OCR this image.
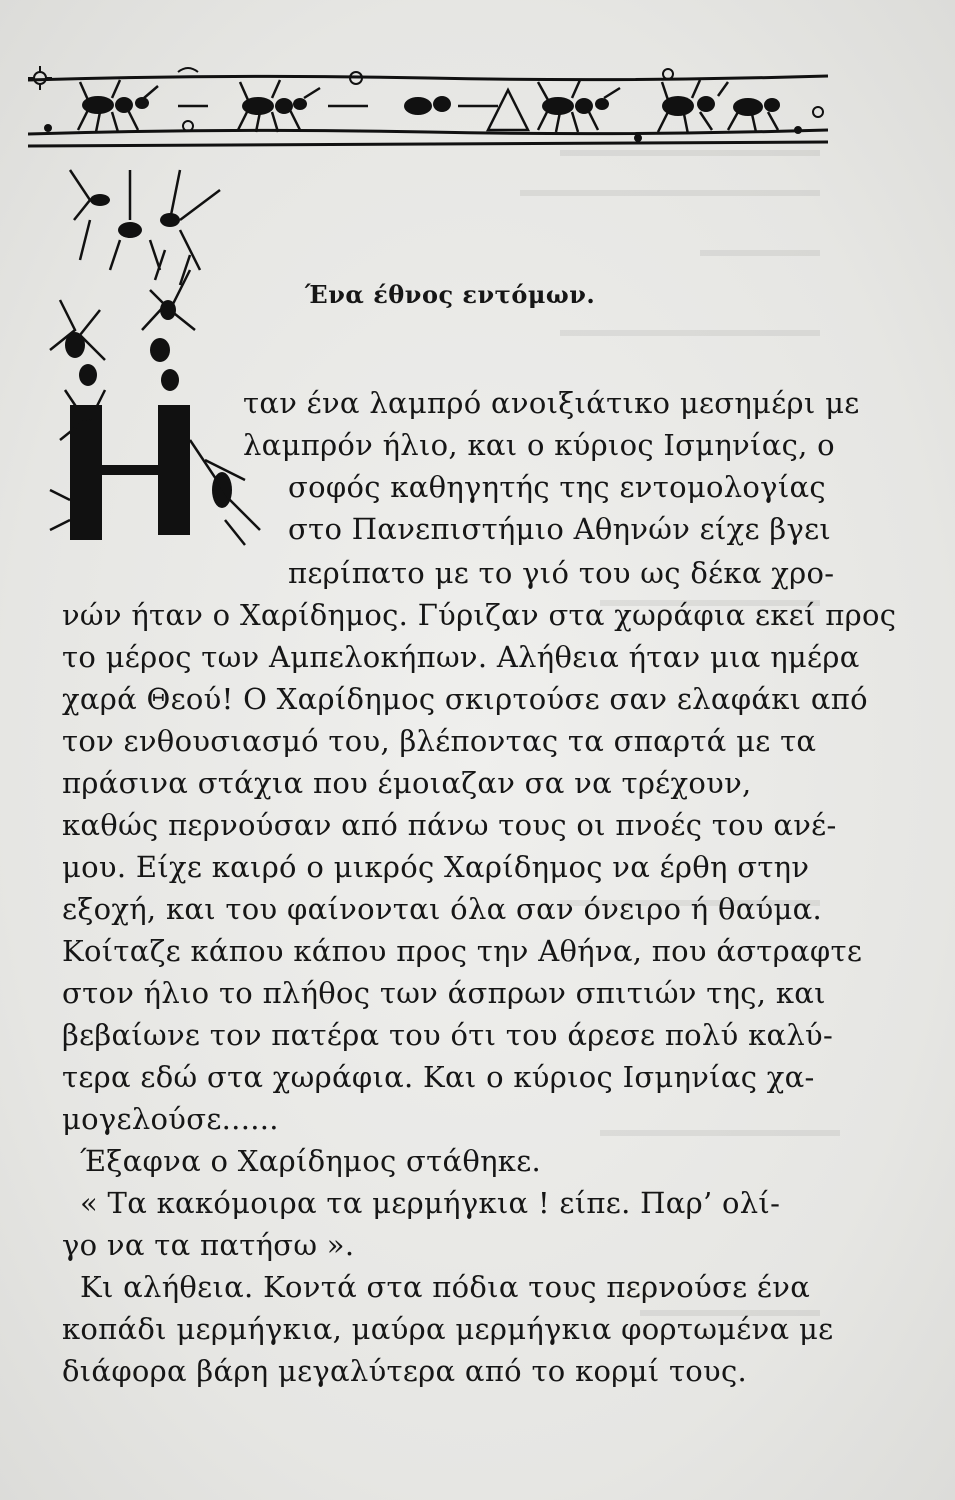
Ένα έθνος εντόμων.
ταν ένα λαμπρό ανοιξιάτικο μεσημέρι με
λαμπρόν ήλιο, και ο κύριος Ισμηνίας, ο
σοφός καθηγητής της εντομολογίας
στο Πανεπιστήμιο Αθηνών είχε βγει
περίπατο με το γιό του ως δέκα χρο-
νών ήταν ο Χαρίδημος. Γύριζαν στα χωράφια εκεί προς
το μέρος των Αμπελοκήπων. Αλήθεια ήταν μια ημέρα
χαρά Θεού! Ο Χαρίδημος σκιρτούσε σαν ελαφάκι από
τον ενθουσιασμό του, βλέποντας τα σπαρτά με τα
πράσινα στάχια που έμοιαζαν σα να τρέχουν,
καθώς περνούσαν από πάνω τους οι πνοές του ανέ-
μου. Είχε καιρό ο μικρός Χαρίδημος να έρθη στην
εξοχή, και του φαίνονται όλα σαν όνειρο ή θαύμα.
Κοίταζε κάπου κάπου προς την Αθήνα, που άστραφτε
στον ήλιο το πλήθος των άσπρων σπιτιών της, και
βεβαίωνε τον πατέρα του ότι του άρεσε πολύ καλύ-
τερα εδώ στα χωράφια. Και ο κύριος Ισμηνίας χα-
μογελούσε......
Έξαφνα ο Χαρίδημος στάθηκε.
« Τα κακόμοιρα τα μερμήγκια ! είπε. Παρ’ ολί-
γο να τα πατήσω ».
Κι αλήθεια. Κοντά στα πόδια τους περνούσε ένα
κοπάδι μερμήγκια, μαύρα μερμήγκια φορτωμένα με
διάφορα βάρη μεγαλύτερα από το κορμί τους.
